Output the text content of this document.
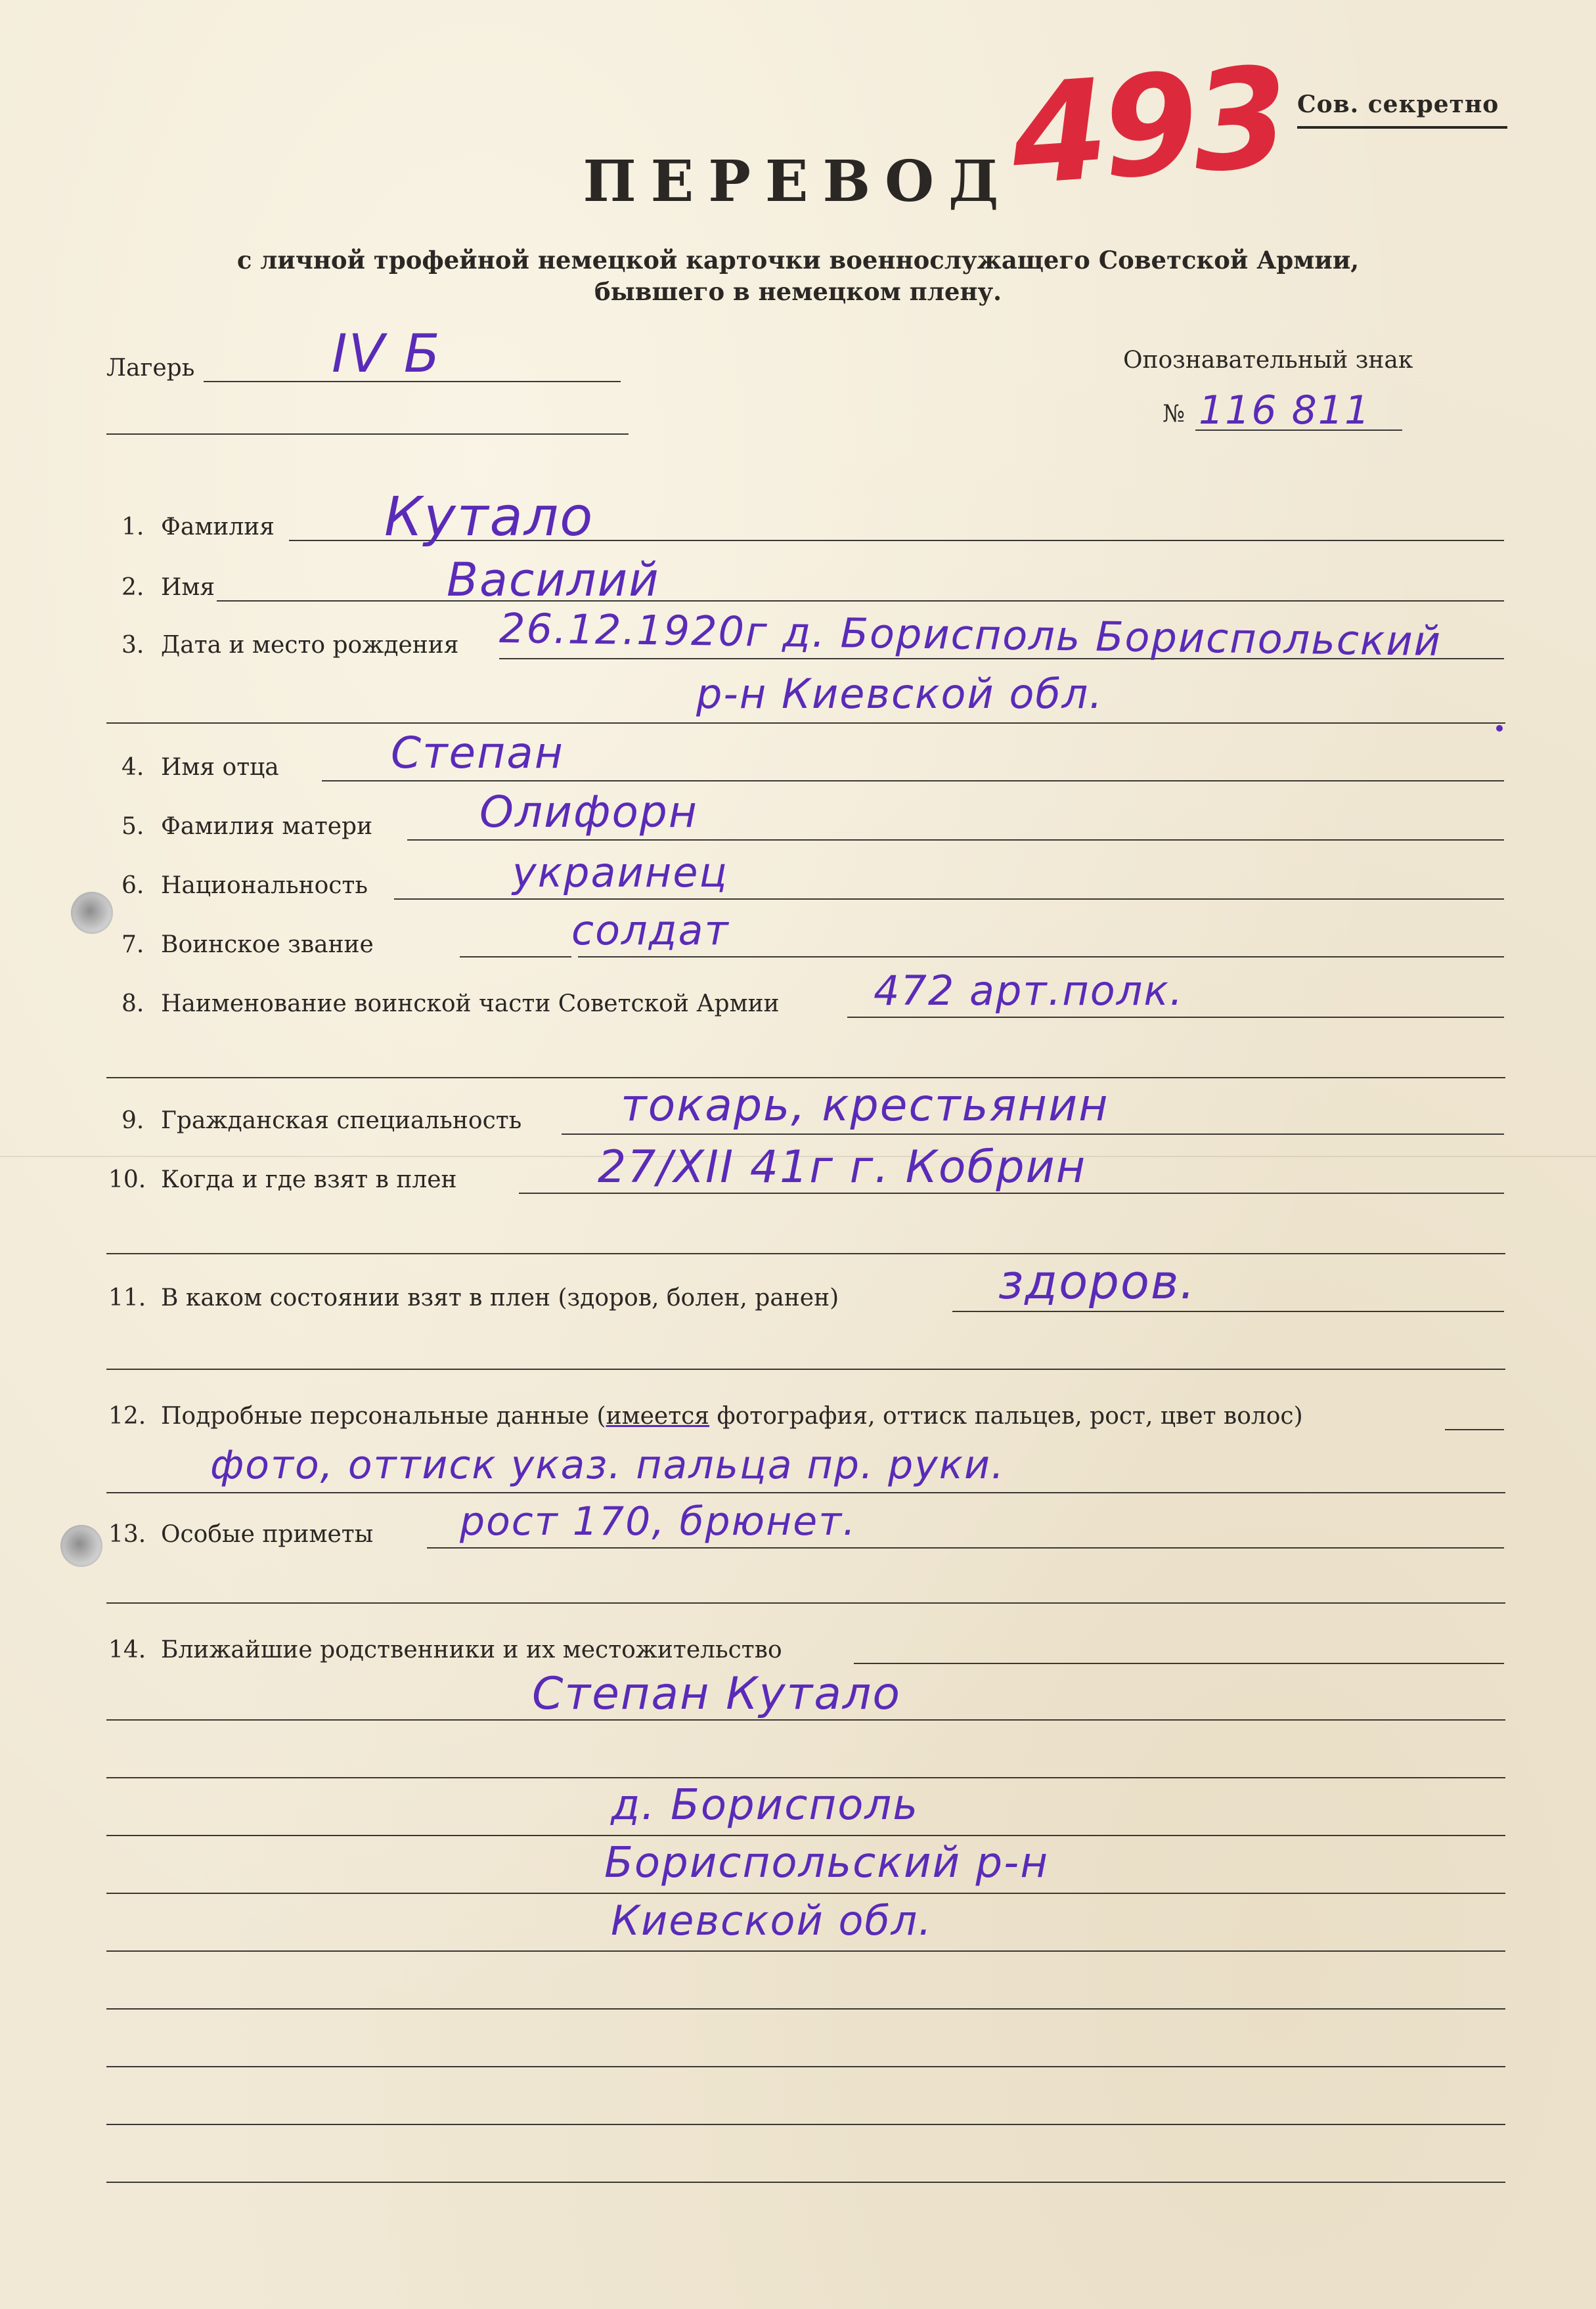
Сов. секретно
493
ПЕРЕВОД
с личной трофейной немецкой карточки военнослужащего Советской Армии,
бывшего в немецком плену.
Лагерь	IV Б	Опознавательный знак
№ 116 811
1. Фамилия Кутало
2. Имя	Василий
3. Дата и место рождения 26.12.1920г д. Борисполь Бориспольский
р-н Киевской обл.
4. Имя отца	Степан
5. Фамилия матери Олифорн
6. Национальность	украинец
7. Воинское звание	солдат
8. Наименование воинской части Советской Армии 472 арт.полк.
9. Гражданская специальность токарь, крестьянин
10. Когда и где взят в плен	27/XII 41г г. Кобрин
11. В каком состоянии взят в плен (здоров, болен, ранен)	здоров.
12. Подробные персональные данные (имеется фотография, оттиск пальцев, рост, цвет волос)
фото, оттиск указ. пальца пр. руки.
13. Особые приметы рост 170, брюнет.
14. Ближайшие родственники и их местожительство
Степан Кутало
д. Борисполь
Бориспольский р-н
Киевской обл.
